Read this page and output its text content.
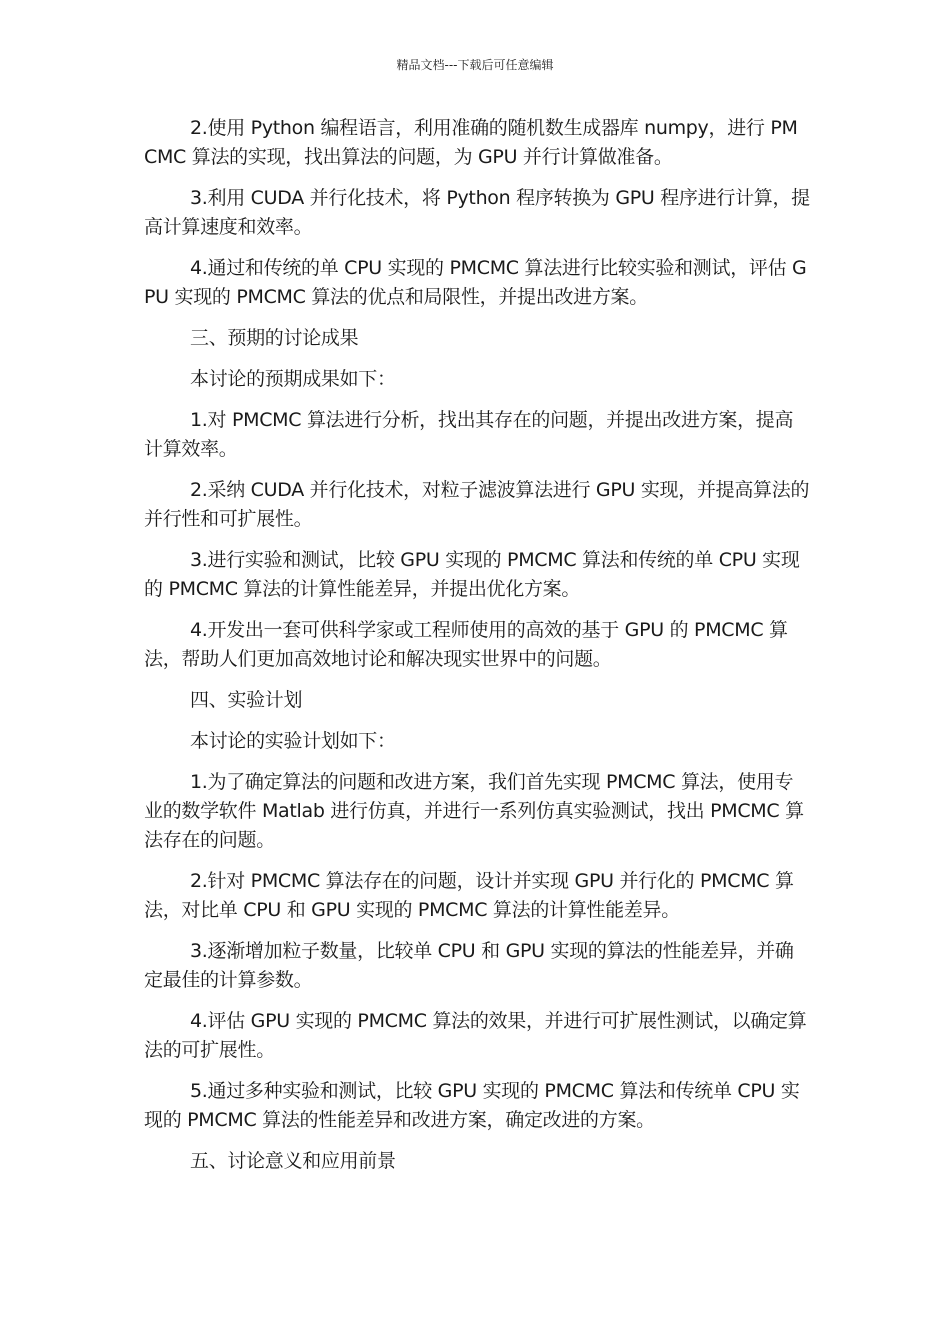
精品文档---下载后可任意编辑

2.使用 Python 编程语言，利用准确的随机数生成器库 numpy，进行 PMCMC 算法的实现，找出算法的问题，为 GPU 并行计算做准备。

3.利用 CUDA 并行化技术，将 Python 程序转换为 GPU 程序进行计算，提高计算速度和效率。

4.通过和传统的单 CPU 实现的 PMCMC 算法进行比较实验和测试，评估 GPU 实现的 PMCMC 算法的优点和局限性，并提出改进方案。

三、预期的讨论成果

本讨论的预期成果如下：

1.对 PMCMC 算法进行分析，找出其存在的问题，并提出改进方案，提高计算效率。

2.采纳 CUDA 并行化技术，对粒子滤波算法进行 GPU 实现，并提高算法的并行性和可扩展性。

3.进行实验和测试，比较 GPU 实现的 PMCMC 算法和传统的单 CPU 实现的 PMCMC 算法的计算性能差异，并提出优化方案。

4.开发出一套可供科学家或工程师使用的高效的基于 GPU 的 PMCMC 算法，帮助人们更加高效地讨论和解决现实世界中的问题。

四、实验计划

本讨论的实验计划如下：

1.为了确定算法的问题和改进方案，我们首先实现 PMCMC 算法，使用专业的数学软件 Matlab 进行仿真，并进行一系列仿真实验测试，找出 PMCMC 算法存在的问题。

2.针对 PMCMC 算法存在的问题，设计并实现 GPU 并行化的 PMCMC 算法，对比单 CPU 和 GPU 实现的 PMCMC 算法的计算性能差异。

3.逐渐增加粒子数量，比较单 CPU 和 GPU 实现的算法的性能差异，并确定最佳的计算参数。

4.评估 GPU 实现的 PMCMC 算法的效果，并进行可扩展性测试，以确定算法的可扩展性。

5.通过多种实验和测试，比较 GPU 实现的 PMCMC 算法和传统单 CPU 实现的 PMCMC 算法的性能差异和改进方案，确定改进的方案。

五、讨论意义和应用前景
